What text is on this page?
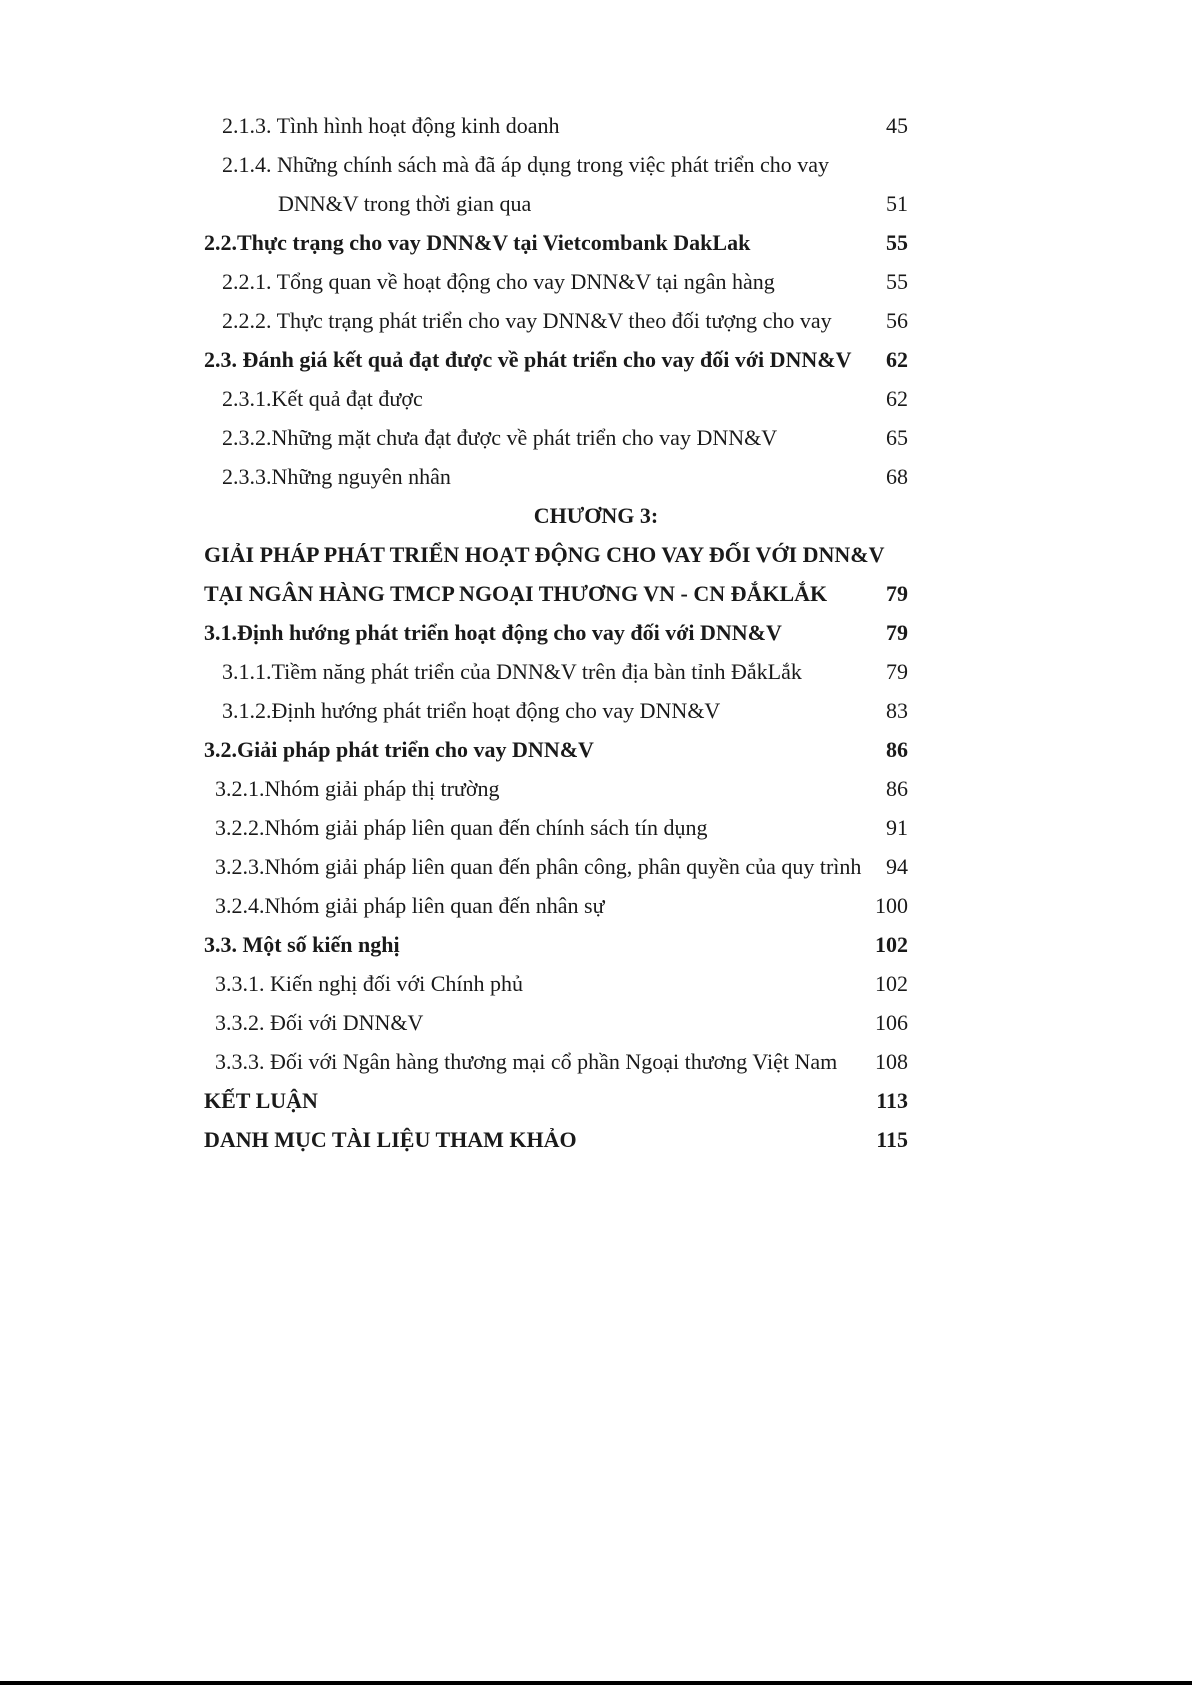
2.1.3. Tình hình hoạt động kinh doanh	45
2.1.4. Những chính sách mà đã áp dụng trong việc phát triển cho vay
DNN&V trong thời gian qua	51
2.2.Thực trạng cho vay DNN&V tại Vietcombank DakLak	55
2.2.1. Tổng quan về hoạt động cho vay DNN&V tại ngân hàng	55
2.2.2. Thực trạng phát triển cho vay DNN&V theo đối tượng cho vay 56
2.3. Đánh giá kết quả đạt được về phát triển cho vay đối với DNN&V 62
2.3.1.Kết quả đạt được	62
2.3.2.Những mặt chưa đạt được về phát triển cho vay DNN&V	65
2.3.3.Những nguyên nhân	68
CHƯƠNG 3:
GIẢI PHÁP PHÁT TRIỂN HOẠT ĐỘNG CHO VAY ĐỐI VỚI DNN&V
TẠI NGÂN HÀNG TMCP NGOẠI THƯƠNG VN - CN ĐẮKLẮK	79
3.1.Định hướng phát triển hoạt động cho vay đối với DNN&V	79
3.1.1.Tiềm năng phát triển của DNN&V trên địa bàn tỉnh ĐắkLắk	79
3.1.2.Định hướng phát triển hoạt động cho vay DNN&V	83
3.2.Giải pháp phát triển cho vay DNN&V	86
3.2.1.Nhóm giải pháp thị trường	86
3.2.2.Nhóm giải pháp liên quan đến chính sách tín dụng	91
3.2.3.Nhóm giải pháp liên quan đến phân công, phân quyền của quy trình 94
3.2.4.Nhóm giải pháp liên quan đến nhân sự	100
3.3. Một số kiến nghị	102
3.3.1. Kiến nghị đối với Chính phủ	102
3.3.2. Đối với DNN&V	106
3.3.3. Đối với Ngân hàng thương mại cổ phần Ngoại thương Việt Nam 108
KẾT LUẬN	113
DANH MỤC TÀI LIỆU THAM KHẢO	115
